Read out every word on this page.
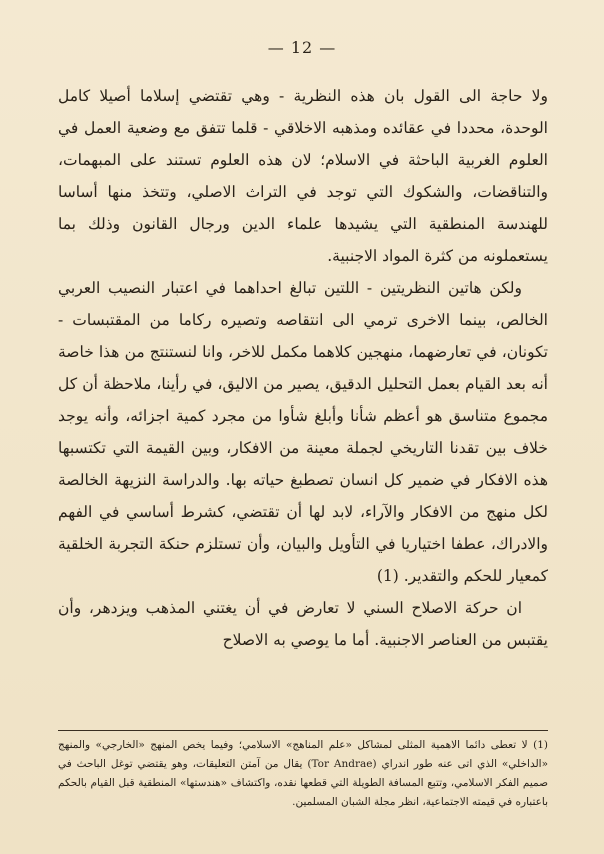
— 12 —

ولا حاجة الى القول بان هذه النظرية - وهي تقتضي إسلاما أصيلا كامل الوحدة، محددا في عقائده ومذهبه الاخلاقي - قلما تتفق مع وضعية العمل في العلوم الغربية الباحثة في الاسلام؛ لان هذه العلوم تستند على المبهمات، والتناقضات، والشكوك التي توجد في التراث الاصلي، وتتخذ منها أساسا للهندسة المنطقية التي يشيدها علماء الدين ورجال القانون وذلك بما يستعملونه من كثرة المواد الاجنبية.

ولكن هاتين النظريتين - اللتين تبالغ احداهما في اعتبار النصيب العربي الخالص، بينما الاخرى ترمي الى انتقاصه وتصيره ركاما من المقتبسات - تكونان، في تعارضهما، منهجين كلاهما مكمل للاخر، وانا لنستنتج من هذا خاصة أنه بعد القيام بعمل التحليل الدقيق، يصير من الاليق، في رأينا، ملاحظة أن كل مجموع متناسق هو أعظم شأنا وأبلغ شأوا من مجرد كمية اجزائه، وأنه يوجد خلاف بين تقدنا التاريخي لجملة معينة من الافكار، وبين القيمة التي تكتسبها هذه الافكار في ضمير كل انسان تصطبغ حياته بها. والدراسة النزيهة الخالصة لكل منهج من الافكار والآراء، لابد لها أن تقتضي، كشرط أساسي في الفهم والادراك، عطفا اختياريا في التأويل والبيان، وأن تستلزم حنكة التجربة الخلقية كمعيار للحكم والتقدير. (1)

ان حركة الاصلاح السني لا تعارض في أن يغتني المذهب ويزدهر، وأن يقتبس من العناصر الاجنبية. أما ما يوصي به الاصلاح

(1) لا تعطى دائما الاهمية المثلى لمشاكل «علم المناهج» الاسلامي؛ وفيما يخص المنهج «الخارجي» والمنهج «الداخلي» الذي اتى عنه طور اندراي (Tor Andrae) يقال من آمتن التعليقات، وهو يقتضي توغل الباحث في صميم الفكر الاسلامي، وتتبع المسافة الطويلة التي قطعها نقده، واكتشاف «هندستها» المنطقية قبل القيام بالحكم باعتباره في قيمته الاجتماعية، انظر مجلة الشبان المسلمين.
